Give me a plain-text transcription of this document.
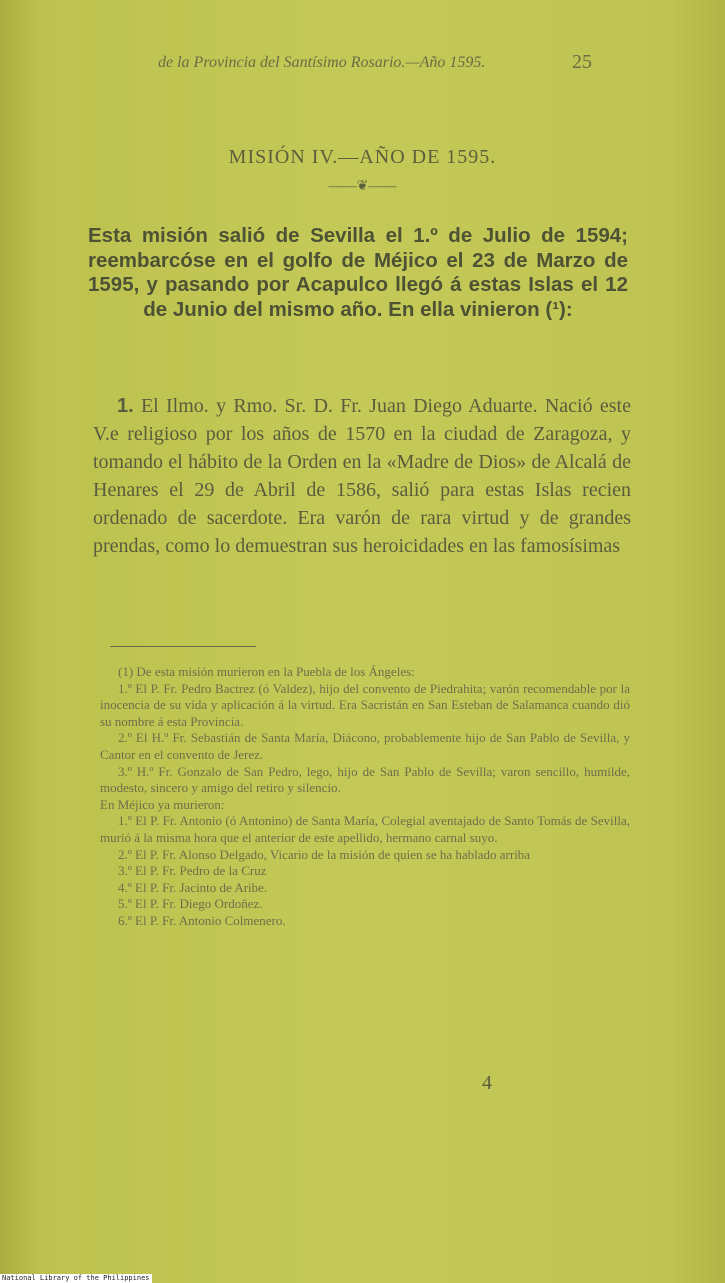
de la Provincia del Santísimo Rosario.—Año 1595.	25
MISIÓN IV.—AÑO DE 1595.
——❦——
Esta misión salió de Sevilla el 1.º de Julio de 1594; reembarcóse en el golfo de Méjico el 23 de Marzo de 1595, y pasando por Acapulco llegó á estas Islas el 12 de Junio del mismo año. En ella vinieron (¹):
1. El Ilmo. y Rmo. Sr. D. Fr. Juan Diego Aduarte. Nació este V.e religioso por los años de 1570 en la ciudad de Zaragoza, y tomando el hábito de la Orden en la «Madre de Dios» de Alcalá de Henares el 29 de Abril de 1586, salió para estas Islas recien ordenado de sacerdote. Era varón de rara virtud y de grandes prendas, como lo demuestran sus heroicidades en las famosísimas

(1) De esta misión murieron en la Puebla de los Ángeles:

1.º El P. Fr. Pedro Bactrez (ó Valdez), hijo del convento de Piedrahita; varón recomendable por la inocencia de su vida y aplicación á la virtud. Era Sacristán en San Esteban de Salamanca cuando dió su nombre á esta Provincia.

2.º El H.º Fr. Sebastián de Santa María, Diácono, probablemente hijo de San Pablo de Sevilla, y Cantor en el convento de Jerez.

3.º H.º Fr. Gonzalo de San Pedro, lego, hijo de San Pablo de Sevilla; varon sencillo, humilde, modesto, sincero y amigo del retiro y silencio.

En Méjico ya murieron:

1.º El P. Fr. Antonio (ó Antonino) de Santa María, Colegial aventajado de Santo Tomás de Sevilla, murió á la misma hora que el anterior de este apellido, hermano carnal suyo.

2.º El P. Fr. Alonso Delgado, Vicario de la misión de quien se ha hablado arriba

3.º El P. Fr. Pedro de la Cruz

4.º El P. Fr. Jacinto de Aribe.

5.º El P. Fr. Diego Ordoñez.

6.º El P. Fr. Antonio Colmenero.

4
National Library of the Philippines
